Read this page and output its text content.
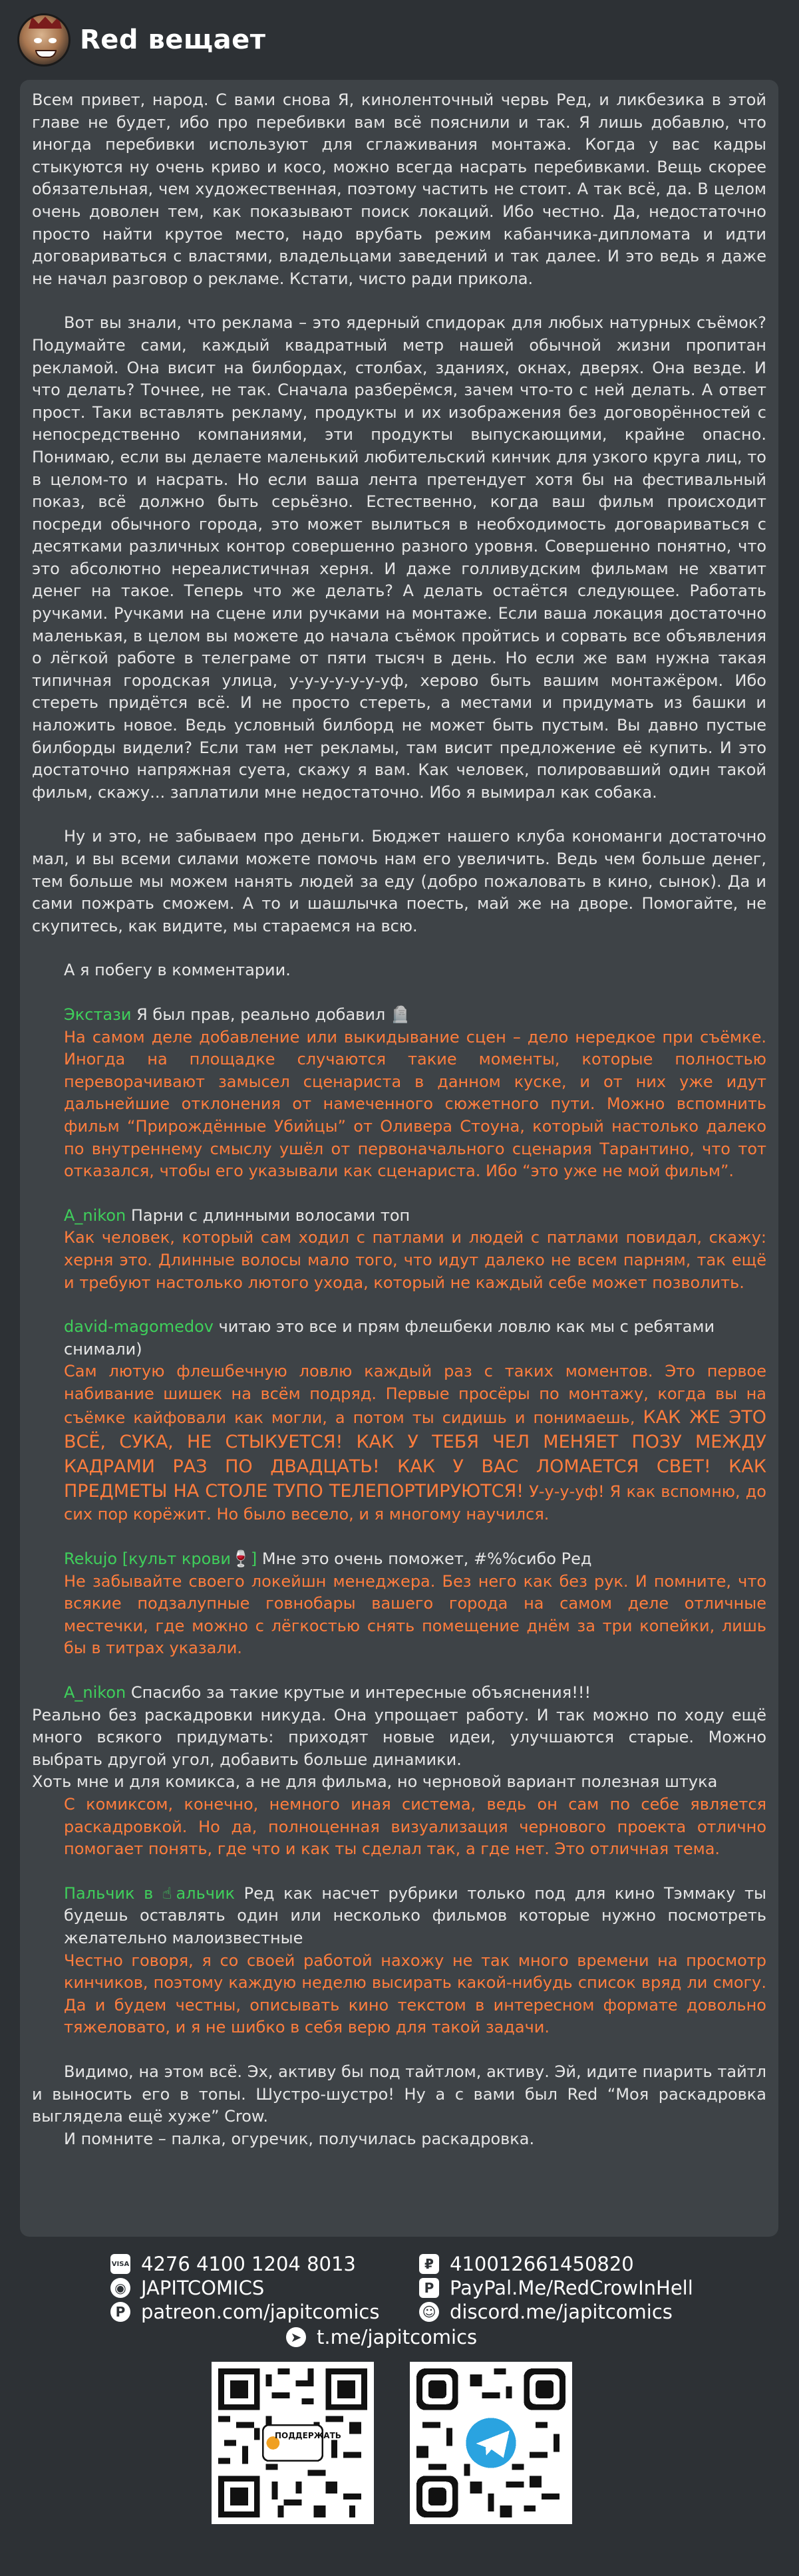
Red вещает
Всем привет, народ. С вами снова Я, киноленточный червь Ред, и ликбезика в этой главе не будет, ибо про перебивки вам всё пояснили и так. Я лишь добавлю, что иногда перебивки используют для сглаживания монтажа. Когда у вас кадры стыкуются ну очень криво и косо, можно всегда насрать перебивками. Вещь скорее обязательная, чем художественная, поэтому частить не стоит. А так всё, да. В целом очень доволен тем, как показывают поиск локаций. Ибо честно. Да, недостаточно просто найти крутое место, надо врубать режим кабанчика-дипломата и идти договариваться с властями, владельцами заведений и так далее. И это ведь я даже не начал разговор о рекламе. Кстати, чисто ради прикола.
Вот вы знали, что реклама – это ядерный спидорак для любых натурных съёмок? Подумайте сами, каждый квадратный метр нашей обычной жизни пропитан рекламой. Она висит на билбордах, столбах, зданиях, окнах, дверях. Она везде. И что делать? Точнее, не так. Сначала разберёмся, зачем что-то с ней делать. А ответ прост. Таки вставлять рекламу, продукты и их изображения без договорённостей с непосредственно компаниями, эти продукты выпускающими, крайне опасно. Понимаю, если вы делаете маленький любительский кинчик для узкого круга лиц, то в целом-то и насрать. Но если ваша лента претендует хотя бы на фестивальный показ, всё должно быть серьёзно. Естественно, когда ваш фильм происходит посреди обычного города, это может вылиться в необходимость договариваться с десятками различных контор совершенно разного уровня. Совершенно понятно, что это абсолютно нереалистичная херня. И даже голливудским фильмам не хватит денег на такое. Теперь что же делать? А делать остаётся следующее. Работать ручками. Ручками на сцене или ручками на монтаже. Если ваша локация достаточно маленькая, в целом вы можете до начала съёмок пройтись и сорвать все объявления о лёгкой работе в телеграме от пяти тысяч в день. Но если же вам нужна такая типичная городская улица, у-у-у-у-у-у-уф, херово быть вашим монтажёром. Ибо стереть придётся всё. И не просто стереть, а местами и придумать из башки и наложить новое. Ведь условный билборд не может быть пустым. Вы давно пустые билборды видели? Если там нет рекламы, там висит предложение её купить. И это достаточно напряжная суета, скажу я вам. Как человек, полировавший один такой фильм, скажу... заплатили мне недостаточно. Ибо я вымирал как собака.
Ну и это, не забываем про деньги. Бюджет нашего клуба кономанги достаточно мал, и вы всеми силами можете помочь нам его увеличить. Ведь чем больше денег, тем больше мы можем нанять людей за еду (добро пожаловать в кино, сынок). Да и сами пожрать сможем. А то и шашлычка поесть, май же на дворе. Помогайте, не скупитесь, как видите, мы стараемся на всю.
А я побегу в комментарии.
Экстази Я был прав, реально добавил 🪦
На самом деле добавление или выкидывание сцен – дело нередкое при съёмке. Иногда на площадке случаются такие моменты, которые полностью переворачивают замысел сценариста в данном куске, и от них уже идут дальнейшие отклонения от намеченного сюжетного пути. Можно вспомнить фильм “Прирождённые Убийцы” от Оливера Стоуна, который настолько далеко по внутреннему смыслу ушёл от первоначального сценария Тарантино, что тот отказался, чтобы его указывали как сценариста. Ибо “это уже не мой фильм”.
A_nikon Парни с длинными волосами топ
Как человек, который сам ходил с патлами и людей с патлами повидал, скажу: херня это. Длинные волосы мало того, что идут далеко не всем парням, так ещё и требуют настолько лютого ухода, который не каждый себе может позволить.
david-magomedov читаю это все и прям флешбеки ловлю как мы с ребятами снимали)
Сам лютую флешбечную ловлю каждый раз с таких моментов. Это первое набивание шишек на всём подряд. Первые просёры по монтажу, когда вы на съёмке кайфовали как могли, а потом ты сидишь и понимаешь, КАК ЖЕ ЭТО ВСЁ, СУКА, НЕ СТЫКУЕТСЯ! КАК У ТЕБЯ ЧЕЛ МЕНЯЕТ ПОЗУ МЕЖДУ КАДРАМИ РАЗ ПО ДВАДЦАТЬ! КАК У ВАС ЛОМАЕТСЯ СВЕТ! КАК ПРЕДМЕТЫ НА СТОЛЕ ТУПО ТЕЛЕПОРТИРУЮТСЯ! У-у-у-уф! Я как вспомню, до сих пор корёжит. Но было весело, и я многому научился.
Rekujo [культ крови🍷] Мне это очень поможет, #%%сибо Ред
Не забывайте своего локейшн менеджера. Без него как без рук. И помните, что всякие подзалупные говнобары вашего города на самом деле отличные местечки, где можно с лёгкостью снять помещение днём за три копейки, лишь бы в титрах указали.
A_nikon Спасибо за такие крутые и интересные объяснения!!!
Реально без раскадровки никуда. Она упрощает работу. И так можно по ходу ещё много всякого придумать: приходят новые идеи, улучшаются старые. Можно выбрать другой угол, добавить больше динамики.
Хоть мне и для комикса, а не для фильма, но черновой вариант полезная штука
С комиксом, конечно, немного иная система, ведь он сам по себе является раскадровкой. Но да, полноценная визуализация чернового проекта отлично помогает понять, где что и как ты сделал так, а где нет. Это отличная тема.
Пальчик в ☝альчик Ред как насчет рубрики только под для кино Тэммаку ты будешь оставлять один или несколько фильмов которые нужно посмотреть желательно малоизвестные
Честно говоря, я со своей работой нахожу не так много времени на просмотр кинчиков, поэтому каждую неделю высирать какой-нибудь список вряд ли смогу. Да и будем честны, описывать кино текстом в интересном формате довольно тяжеловато, и я не шибко в себя верю для такой задачи.
Видимо, на этом всё. Эх, активу бы под тайтлом, активу. Эй, идите пиарить тайтл и выносить его в топы. Шустро-шустро! Ну а с вами был Red “Моя раскадровка выглядела ещё хуже” Crow.
И помните – палка, огуречик, получилась раскадровка.
VISA 4276 4100 1204 8013
◉ JAPITCOMICS
P patreon.com/japitcomics
₽ 410012661450820
P PayPal.Me/RedCrowInHell
☺ discord.me/japitcomics
➤ t.me/japitcomics
ПОДДЕРЖАТЬ
